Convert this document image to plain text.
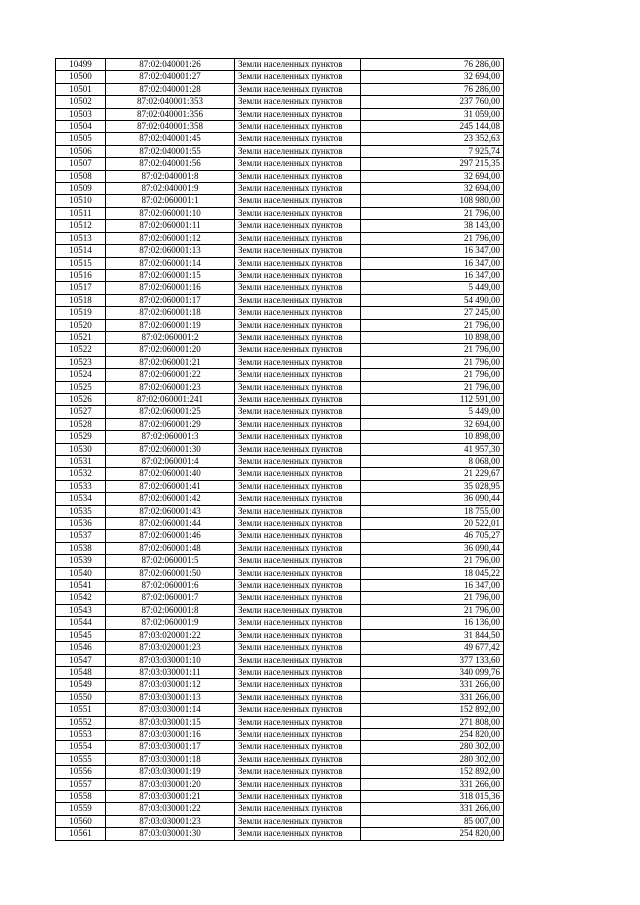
10499	87:02:040001:26	Земли населенных пунктов	76 286,00
10500	87:02:040001:27	Земли населенных пунктов	32 694,00
10501	87:02:040001:28	Земли населенных пунктов	76 286,00
10502	87:02:040001:353	Земли населенных пунктов	237 760,00
10503	87:02:040001:356	Земли населенных пунктов	31 059,00
10504	87:02:040001:358	Земли населенных пунктов	245 144,08
10505	87:02:040001:45	Земли населенных пунктов	23 352,63
10506	87:02:040001:55	Земли населенных пунктов	7 925,74
10507	87:02:040001:56	Земли населенных пунктов	297 215,35
10508	87:02:040001:8	Земли населенных пунктов	32 694,00
10509	87:02:040001:9	Земли населенных пунктов	32 694,00
10510	87:02:060001:1	Земли населенных пунктов	108 980,00
10511	87:02:060001:10	Земли населенных пунктов	21 796,00
10512	87:02:060001:11	Земли населенных пунктов	38 143,00
10513	87:02:060001:12	Земли населенных пунктов	21 796,00
10514	87:02:060001:13	Земли населенных пунктов	16 347,00
10515	87:02:060001:14	Земли населенных пунктов	16 347,00
10516	87:02:060001:15	Земли населенных пунктов	16 347,00
10517	87:02:060001:16	Земли населенных пунктов	5 449,00
10518	87:02:060001:17	Земли населенных пунктов	54 490,00
10519	87:02:060001:18	Земли населенных пунктов	27 245,00
10520	87:02:060001:19	Земли населенных пунктов	21 796,00
10521	87:02:060001:2	Земли населенных пунктов	10 898,00
10522	87:02:060001:20	Земли населенных пунктов	21 796,00
10523	87:02:060001:21	Земли населенных пунктов	21 796,00
10524	87:02:060001:22	Земли населенных пунктов	21 796,00
10525	87:02:060001:23	Земли населенных пунктов	21 796,00
10526	87:02:060001:241	Земли населенных пунктов	112 591,00
10527	87:02:060001:25	Земли населенных пунктов	5 449,00
10528	87:02:060001:29	Земли населенных пунктов	32 694,00
10529	87:02:060001:3	Земли населенных пунктов	10 898,00
10530	87:02:060001:30	Земли населенных пунктов	41 957,30
10531	87:02:060001:4	Земли населенных пунктов	8 068,00
10532	87:02:060001:40	Земли населенных пунктов	21 229,67
10533	87:02:060001:41	Земли населенных пунктов	35 028,95
10534	87:02:060001:42	Земли населенных пунктов	36 090,44
10535	87:02:060001:43	Земли населенных пунктов	18 755,00
10536	87:02:060001:44	Земли населенных пунктов	20 522,01
10537	87:02:060001:46	Земли населенных пунктов	46 705,27
10538	87:02:060001:48	Земли населенных пунктов	36 090,44
10539	87:02:060001:5	Земли населенных пунктов	21 796,00
10540	87:02:060001:50	Земли населенных пунктов	18 045,22
10541	87:02:060001:6	Земли населенных пунктов	16 347,00
10542	87:02:060001:7	Земли населенных пунктов	21 796,00
10543	87:02:060001:8	Земли населенных пунктов	21 796,00
10544	87:02:060001:9	Земли населенных пунктов	16 136,00
10545	87:03:020001:22	Земли населенных пунктов	31 844,50
10546	87:03:020001:23	Земли населенных пунктов	49 677,42
10547	87:03:030001:10	Земли населенных пунктов	377 133,60
10548	87:03:030001:11	Земли населенных пунктов	340 099,76
10549	87:03:030001:12	Земли населенных пунктов	331 266,00
10550	87:03:030001:13	Земли населенных пунктов	331 266,00
10551	87:03:030001:14	Земли населенных пунктов	152 892,00
10552	87:03:030001:15	Земли населенных пунктов	271 808,00
10553	87:03:030001:16	Земли населенных пунктов	254 820,00
10554	87:03:030001:17	Земли населенных пунктов	280 302,00
10555	87:03:030001:18	Земли населенных пунктов	280 302,00
10556	87:03:030001:19	Земли населенных пунктов	152 892,00
10557	87:03:030001:20	Земли населенных пунктов	331 266,00
10558	87:03:030001:21	Земли населенных пунктов	318 015,36
10559	87:03:030001:22	Земли населенных пунктов	331 266,00
10560	87:03:030001:23	Земли населенных пунктов	85 007,00
10561	87:03:030001:30	Земли населенных пунктов	254 820,00
